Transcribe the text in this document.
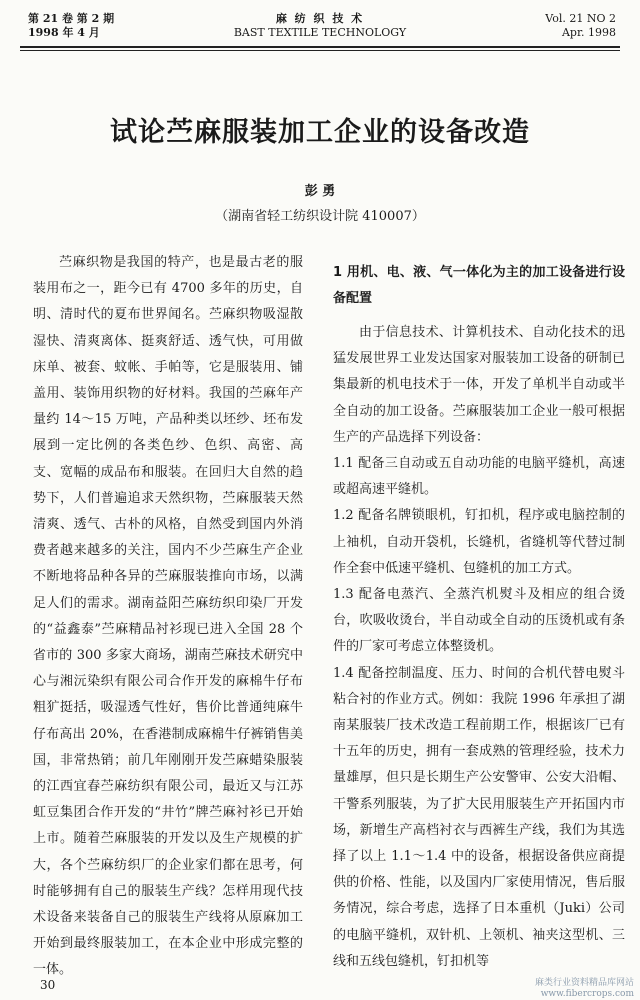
第 21 卷 第 2 期
1998 年 4 月
麻 纺 织 技 术
BAST TEXTILE TECHNOLOGY
Vol. 21 NO 2
Apr. 1998
试论苎麻服装加工企业的设备改造
彭 勇
（湖南省轻工纺织设计院 410007）

苎麻织物是我国的特产，也是最古老的服装用布之一，距今已有 4700 多年的历史，自明、清时代的夏布世界闻名。苎麻织物吸湿散湿快、清爽离体、挺爽舒适、透气快，可用做床单、被套、蚊帐、手帕等，它是服装用、铺盖用、装饰用织物的好材料。我国的苎麻年产量约 14～15 万吨，产品种类以坯纱、坯布发展到一定比例的各类色纱、色织、高密、高支、宽幅的成品布和服装。在回归大自然的趋势下，人们普遍追求天然织物，苎麻服装天然清爽、透气、古朴的风格，自然受到国内外消费者越来越多的关注，国内不少苎麻生产企业不断地将品种各异的苎麻服装推向市场，以满足人们的需求。湖南益阳苎麻纺织印染厂开发的“益鑫泰”苎麻精品衬衫现已进入全国 28 个省市的 300 多家大商场，湖南苎麻技术研究中心与湘沅染织有限公司合作开发的麻棉牛仔布粗犷挺括，吸湿透气性好，售价比普通纯麻牛仔布高出 20%，在香港制成麻棉牛仔裤销售美国，非常热销；前几年刚刚开发苎麻蜡染服装的江西宜春苎麻纺织有限公司，最近又与江苏虹豆集团合作开发的“井竹”牌苎麻衬衫已开始上市。随着苎麻服装的开发以及生产规模的扩大，各个苎麻纺织厂的企业家们都在思考，何时能够拥有自己的服装生产线？怎样用现代技术设备来装备自己的服装生产线将从原麻加工开始到最终服装加工，在本企业中形成完整的一体。

1 用机、电、液、气一体化为主的加工设备进行设备配置

由于信息技术、计算机技术、自动化技术的迅猛发展世界工业发达国家对服装加工设备的研制已集最新的机电技术于一体，开发了单机半自动或半全自动的加工设备。苎麻服装加工企业一般可根据生产的产品选择下列设备：

1.1 配备三自动或五自动功能的电脑平缝机，高速或超高速平缝机。

1.2 配备名牌锁眼机，钉扣机，程序或电脑控制的上袖机，自动开袋机，长缝机，省缝机等代替过制作全套中低速平缝机、包缝机的加工方式。

1.3 配备电蒸汽、全蒸汽机熨斗及相应的组合烫台，吹吸收烫台，半自动或全自动的压烫机或有条件的厂家可考虑立体整烫机。

1.4 配备控制温度、压力、时间的合机代替电熨斗粘合衬的作业方式。例如：我院 1996 年承担了湖南某服装厂技术改造工程前期工作，根据该厂已有十五年的历史，拥有一套成熟的管理经验，技术力量雄厚，但只是长期生产公安警审、公安大沿帽、干警系列服装，为了扩大民用服装生产开拓国内市场，新增生产高档衬衣与西裤生产线，我们为其选择了以上 1.1～1.4 中的设备，根据设备供应商提供的价格、性能，以及国内厂家使用情况，售后服务情况，综合考虑，选择了日本重机（Juki）公司的电脑平缝机，双针机、上领机、袖夹这型机、三线和五线包缝机，钉扣机等

30	麻类行业资料精品库网站
www.fibercrops.com
